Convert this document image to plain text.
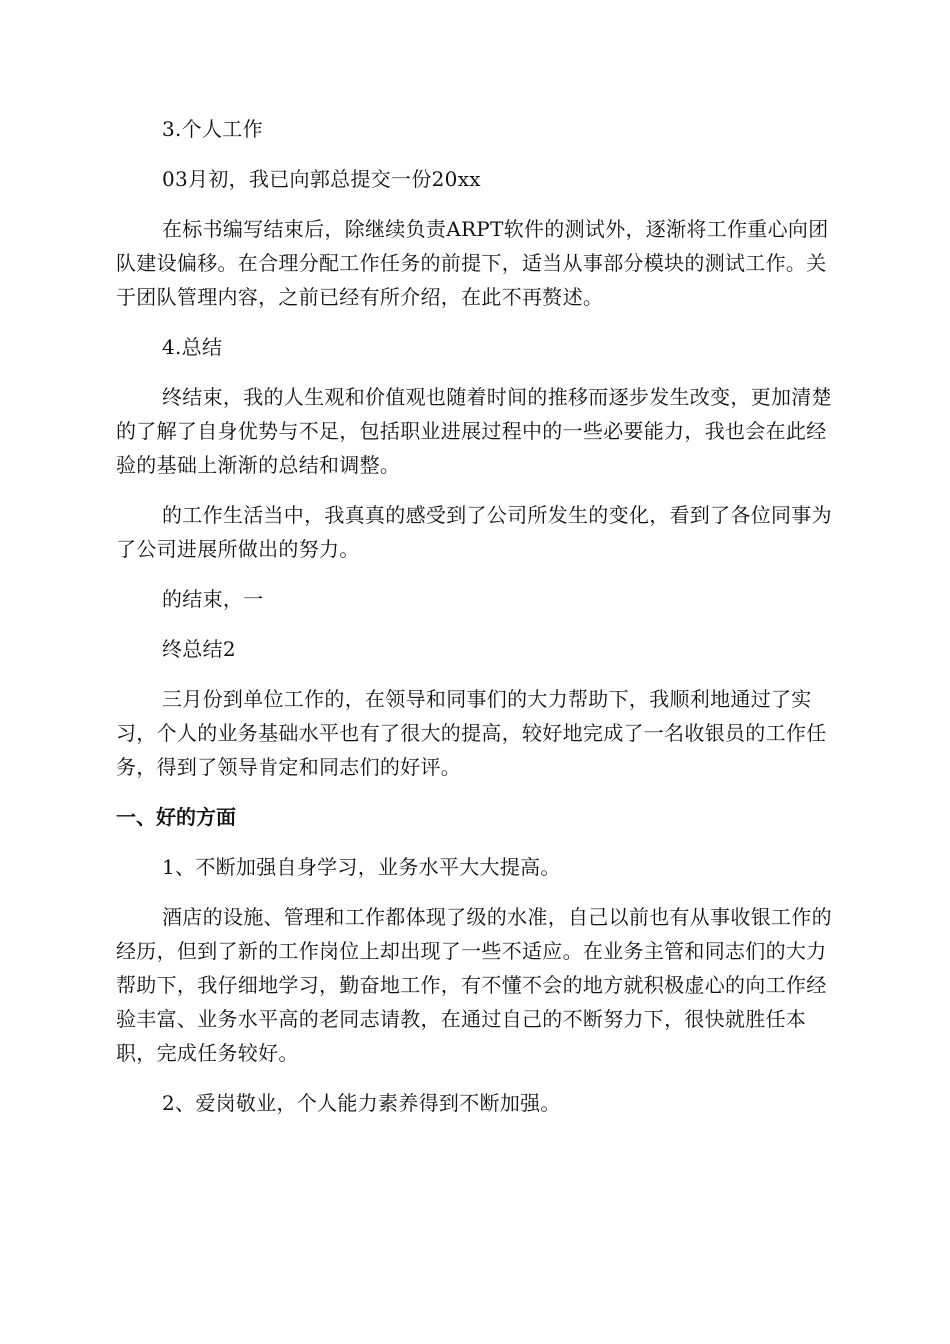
3.个人工作

03月初，我已向郭总提交一份20xx

在标书编写结束后，除继续负责ARPT软件的测试外，逐渐将工作重心向团队建设偏移。在合理分配工作任务的前提下，适当从事部分模块的测试工作。关于团队管理内容，之前已经有所介绍，在此不再赘述。

4.总结

终结束，我的人生观和价值观也随着时间的推移而逐步发生改变，更加清楚的了解了自身优势与不足，包括职业进展过程中的一些必要能力，我也会在此经验的基础上渐渐的总结和调整。

的工作生活当中，我真真的感受到了公司所发生的变化，看到了各位同事为了公司进展所做出的努力。

的结束，一

终总结2

三月份到单位工作的，在领导和同事们的大力帮助下，我顺利地通过了实习，个人的业务基础水平也有了很大的提高，较好地完成了一名收银员的工作任务，得到了领导肯定和同志们的好评。

一、好的方面

1、不断加强自身学习，业务水平大大提高。

酒店的设施、管理和工作都体现了级的水准，自己以前也有从事收银工作的经历，但到了新的工作岗位上却出现了一些不适应。在业务主管和同志们的大力帮助下，我仔细地学习，勤奋地工作，有不懂不会的地方就积极虚心的向工作经验丰富、业务水平高的老同志请教，在通过自己的不断努力下，很快就胜任本职，完成任务较好。

2、爱岗敬业，个人能力素养得到不断加强。
